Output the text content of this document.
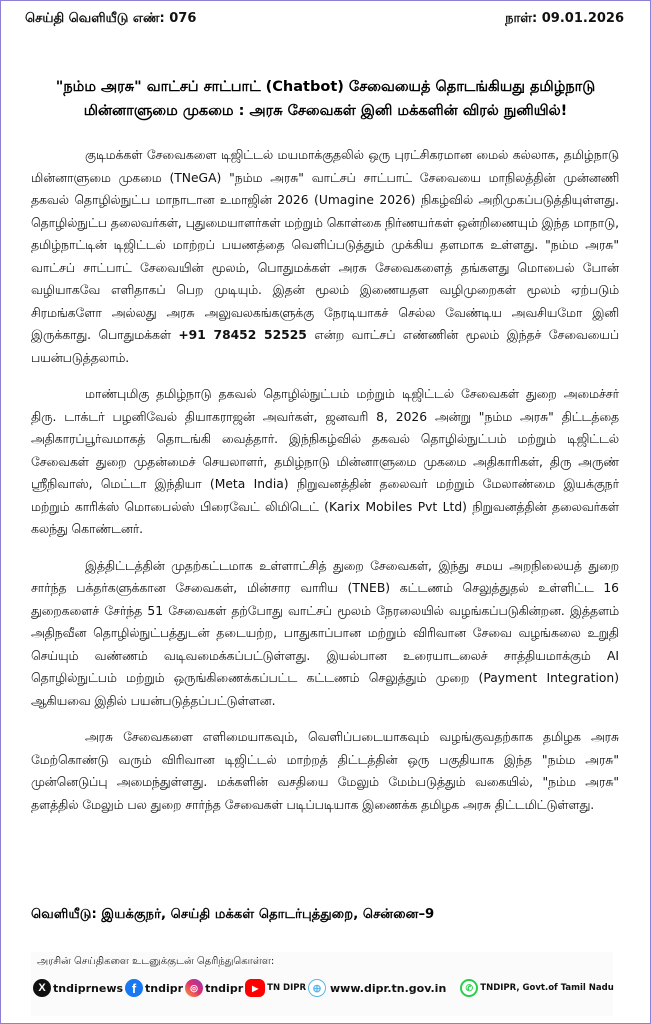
செய்தி வெளியீடு எண்: 076	நாள்: 09.01.2026
"நம்ம அரசு" வாட்சப் சாட்பாட் (Chatbot) சேவையைத் தொடங்கியது தமிழ்நாடு
மின்னாளுமை முகமை : அரசு சேவைகள் இனி மக்களின் விரல் நுனியில்!

குடிமக்கள் சேவைகளை டிஜிட்டல் மயமாக்குதலில் ஒரு புரட்சிகரமான மைல் கல்லாக, தமிழ்நாடு மின்னாளுமை முகமை (TNeGA) "நம்ம அரசு" வாட்சப் சாட்பாட் சேவையை மாநிலத்தின் முன்னணி தகவல் தொழில்நுட்ப மாநாடான உமாஜின் 2026 (Umagine 2026) நிகழ்வில் அறிமுகப்படுத்தியுள்ளது. தொழில்நுட்ப தலைவர்கள், புதுமையாளர்கள் மற்றும் கொள்கை நிர்ணயர்கள் ஒன்றிணையும் இந்த மாநாடு, தமிழ்நாட்டின் டிஜிட்டல் மாற்றப் பயணத்தை வெளிப்படுத்தும் முக்கிய தளமாக உள்ளது. "நம்ம அரசு" வாட்சப் சாட்பாட் சேவையின் மூலம், பொதுமக்கள் அரசு சேவைகளைத் தங்களது மொபைல் போன் வழியாகவே எளிதாகப் பெற முடியும். இதன் மூலம் இணையதள வழிமுறைகள் மூலம் ஏற்படும் சிரமங்களோ அல்லது அரசு அலுவலகங்களுக்கு நேரடியாகச் செல்ல வேண்டிய அவசியமோ இனி இருக்காது. பொதுமக்கள் +91 78452 52525 என்ற வாட்சப் எண்ணின் மூலம் இந்தச் சேவையைப் பயன்படுத்தலாம்.

மாண்புமிகு தமிழ்நாடு தகவல் தொழில்நுட்பம் மற்றும் டிஜிட்டல் சேவைகள் துறை அமைச்சர் திரு. டாக்டர் பழனிவேல் தியாகராஜன் அவர்கள், ஜனவரி 8, 2026 அன்று "நம்ம அரசு" திட்டத்தை அதிகாரப்பூர்வமாகத் தொடங்கி வைத்தார். இந்நிகழ்வில் தகவல் தொழில்நுட்பம் மற்றும் டிஜிட்டல் சேவைகள் துறை முதன்மைச் செயலாளர், தமிழ்நாடு மின்னாளுமை முகமை அதிகாரிகள், திரு அருண் ஸ்ரீநிவாஸ், மெட்டா இந்தியா (Meta India) நிறுவனத்தின் தலைவர் மற்றும் மேலாண்மை இயக்குநர் மற்றும் காரிக்ஸ் மொபைல்ஸ் பிரைவேட் லிமிடெட் (Karix Mobiles Pvt Ltd) நிறுவனத்தின் தலைவர்கள் கலந்து கொண்டனர்.

இத்திட்டத்தின் முதற்கட்டமாக உள்ளாட்சித் துறை சேவைகள், இந்து சமய அறநிலையத் துறை சார்ந்த பக்தர்களுக்கான சேவைகள், மின்சார வாரிய (TNEB) கட்டணம் செலுத்துதல் உள்ளிட்ட 16 துறைகளைச் சேர்ந்த 51 சேவைகள் தற்போது வாட்சப் மூலம் நேரலையில் வழங்கப்படுகின்றன. இத்தளம் அதிநவீன தொழில்நுட்பத்துடன் தடையற்ற, பாதுகாப்பான மற்றும் விரிவான சேவை வழங்கலை உறுதி செய்யும் வண்ணம் வடிவமைக்கப்பட்டுள்ளது. இயல்பான உரையாடலைச் சாத்தியமாக்கும் AI தொழில்நுட்பம் மற்றும் ஒருங்கிணைக்கப்பட்ட கட்டணம் செலுத்தும் முறை (Payment Integration) ஆகியவை இதில் பயன்படுத்தப்பட்டுள்ளன.

அரசு சேவைகளை எளிமையாகவும், வெளிப்படையாகவும் வழங்குவதற்காக தமிழக அரசு மேற்கொண்டு வரும் விரிவான டிஜிட்டல் மாற்றத் திட்டத்தின் ஒரு பகுதியாக இந்த "நம்ம அரசு" முன்னெடுப்பு அமைந்துள்ளது. மக்களின் வசதியை மேலும் மேம்படுத்தும் வகையில், "நம்ம அரசு" தளத்தில் மேலும் பல துறை சார்ந்த சேவைகள் படிப்படியாக இணைக்க தமிழக அரசு திட்டமிட்டுள்ளது.

வெளியீடு: இயக்குநர், செய்தி மக்கள் தொடர்புத்துறை, சென்னை–9
அரசின் செய்திகளை உடனுக்குடன் தெரிந்துகொள்ள:
X tndiprnews f tndipr ◎ tndipr	▶	TN DIPR ⊕ www.dipr.tn.gov.in	✆ TNDIPR, Govt.of Tamil Nadu
